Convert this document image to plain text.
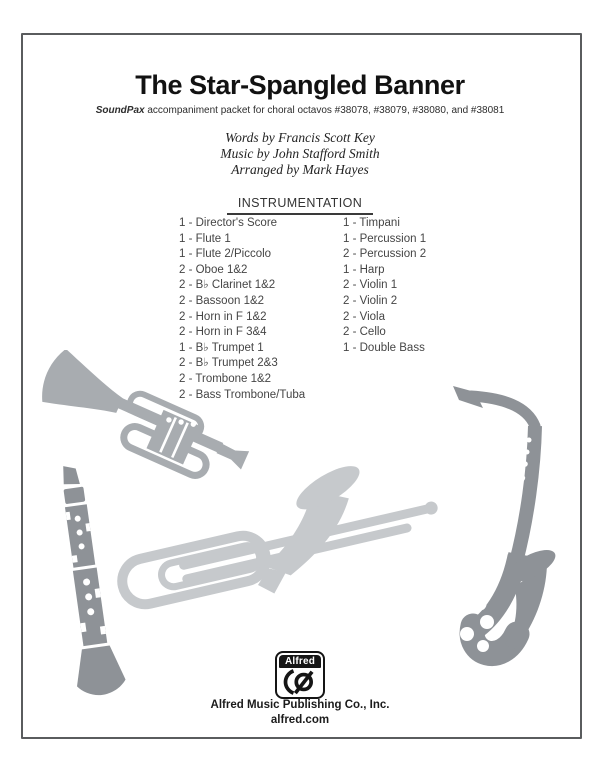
The Star-Spangled Banner

SoundPax accompaniment packet for choral octavos #38078, #38079, #38080, and #38081

Words by Francis Scott Key
Music by John Stafford Smith
Arranged by Mark Hayes
INSTRUMENTATION
1 - Director's Score
1 - Flute 1
1 - Flute 2/Piccolo
2 - Oboe 1&2
2 - B♭ Clarinet 1&2
2 - Bassoon 1&2
2 - Horn in F 1&2
2 - Horn in F 3&4
1 - B♭ Trumpet 1
2 - B♭ Trumpet 2&3
2 - Trombone 1&2
2 - Bass Trombone/Tuba
1 - Timpani
1 - Percussion 1
2 - Percussion 2
1 - Harp
2 - Violin 1
2 - Violin 2
2 - Viola
2 - Cello
1 - Double Bass
Alfred

Alfred Music Publishing Co., Inc.

alfred.com
